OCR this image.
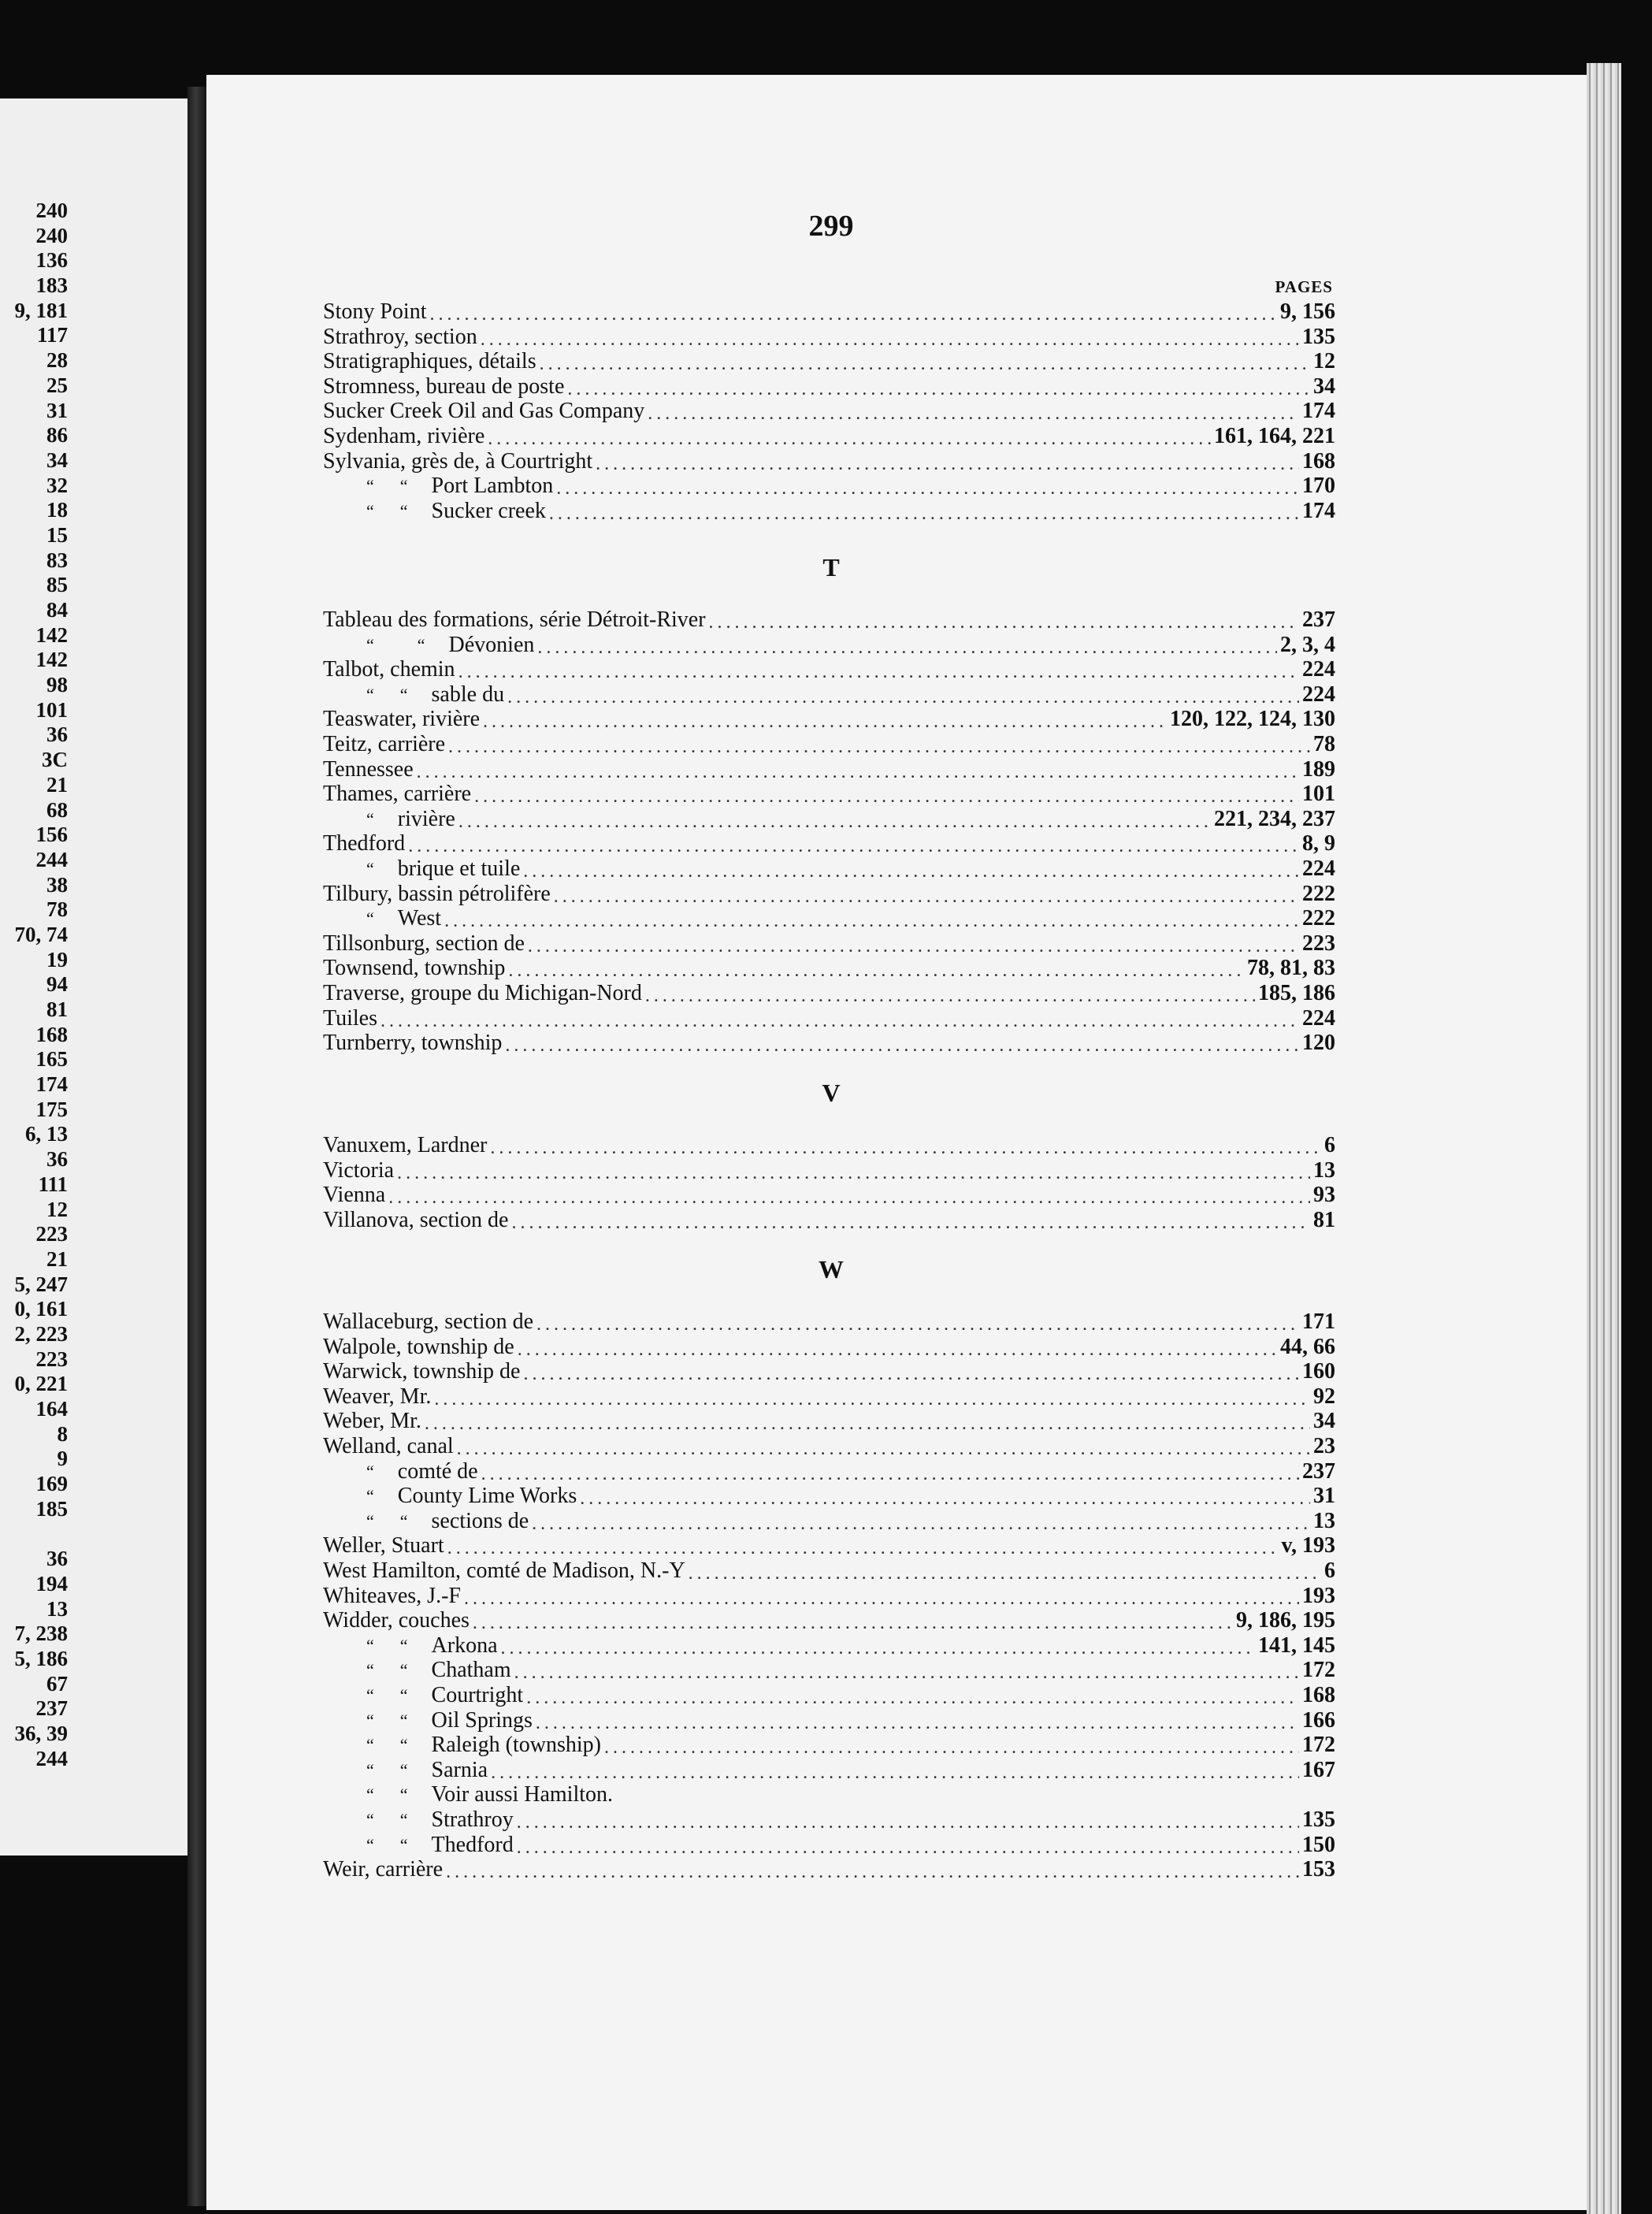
240
240
136
183
9, 181
117
28
25
31
86
34
32
18
15
83
85
84
142
142
98
101
36
3C
21
68
156
244
38
78
70, 74
19
94
81
168
165
174
175
6, 13
36
111
12
223
21
5, 247
0, 161
2, 223
223
0, 221
164
8
9
169
185

36
194
13
7, 238
5, 186
67
237
36, 39
244
299
PAGES
Stony Point .....	9, 156
Strathroy, section .....	135
Stratigraphiques, détails .....	12
Stromness, bureau de poste .....	34
Sucker Creek Oil and Gas Company .....	174
Sydenham, rivière .....	161, 164, 221
Sylvania, grès de, à Courtright .....	168
“      “ Port Lambton .....	170
“      “ Sucker creek .....	174
T
Tableau des formations, série Détroit-River .....	237
“          “ Dévonien .....	2, 3, 4
Talbot, chemin .....	224
“      “ sable du .....	224
Teaswater, rivière .....	120, 122, 124, 130
Teitz, carrière .....	78
Tennessee .....	189
Thames, carrière .....	101
“ rivière .....	221, 234, 237
Thedford .....	8, 9
“ brique et tuile .....	224
Tilbury, bassin pétrolifère .....	222
“ West .....	222
Tillsonburg, section de .....	223
Townsend, township .....	78, 81, 83
Traverse, groupe du Michigan-Nord .....	185, 186
Tuiles .....	224
Turnberry, township .....	120
V
Vanuxem, Lardner .....	6
Victoria .....	13
Vienna .....	93
Villanova, section de .....	81
W
Wallaceburg, section de .....	171
Walpole, township de .....	44, 66
Warwick, township de .....	160
Weaver, Mr. .....	92
Weber, Mr. .....	34
Welland, canal .....	23
“ comté de .....	237
“ County Lime Works .....	31
“      “ sections de .....	13
Weller, Stuart .....	v, 193
West Hamilton, comté de Madison, N.-Y .....	6
Whiteaves, J.-F .....	193
Widder, couches .....	9, 186, 195
“      “ Arkona .....	141, 145
“      “ Chatham .....	172
“      “ Courtright .....	168
“      “ Oil Springs .....	166
“      “ Raleigh (township) .....	172
“      “ Sarnia .....	167
“      “ Voir aussi Hamilton.
“      “ Strathroy .....	135
“      “ Thedford .....	150
Weir, carrière .....	153
